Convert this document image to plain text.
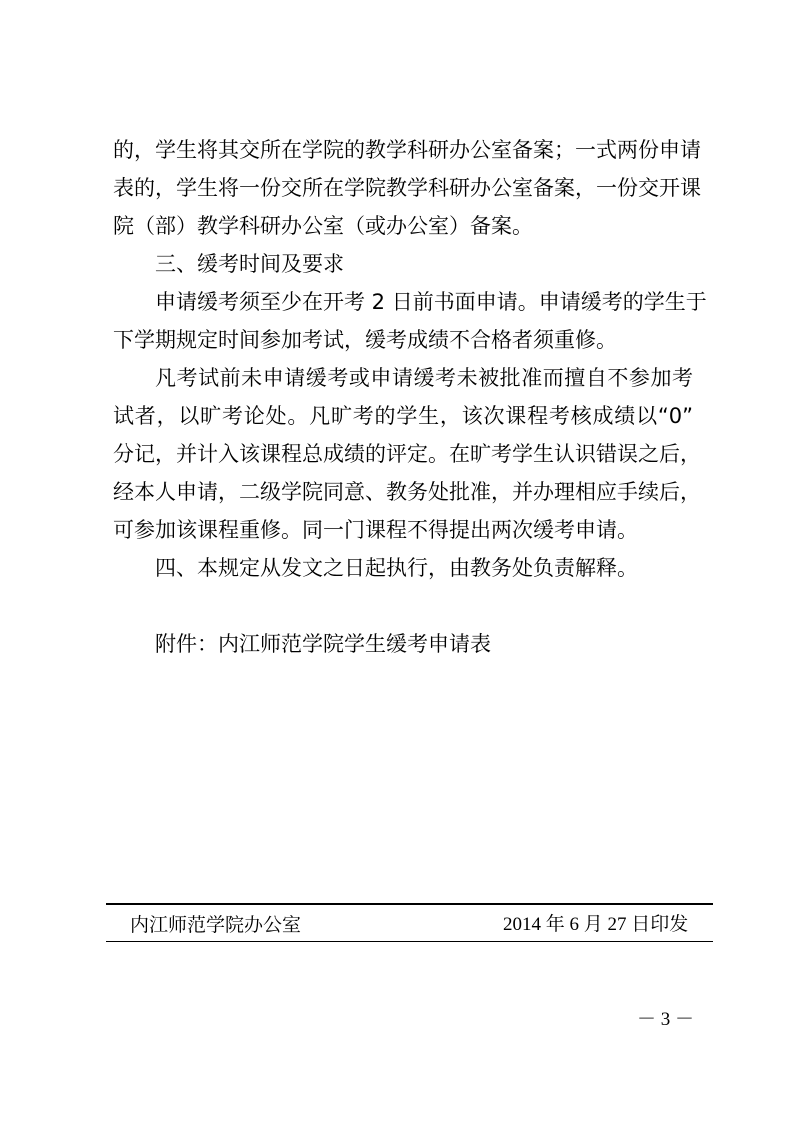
的，学生将其交所在学院的教学科研办公室备案；一式两份申请
表的，学生将一份交所在学院教学科研办公室备案，一份交开课
院（部）教学科研办公室（或办公室）备案。
三、缓考时间及要求
申请缓考须至少在开考 2 日前书面申请。申请缓考的学生于
下学期规定时间参加考试，缓考成绩不合格者须重修。
凡考试前未申请缓考或申请缓考未被批准而擅自不参加考
试者，以旷考论处。凡旷考的学生，该次课程考核成绩以“0”
分记，并计入该课程总成绩的评定。在旷考学生认识错误之后，
经本人申请，二级学院同意、教务处批准，并办理相应手续后，
可参加该课程重修。同一门课程不得提出两次缓考申请。
四、本规定从发文之日起执行，由教务处负责解释。
附件：内江师范学院学生缓考申请表
内江师范学院办公室	2014 年 6 月 27 日印发
－ 3 －
